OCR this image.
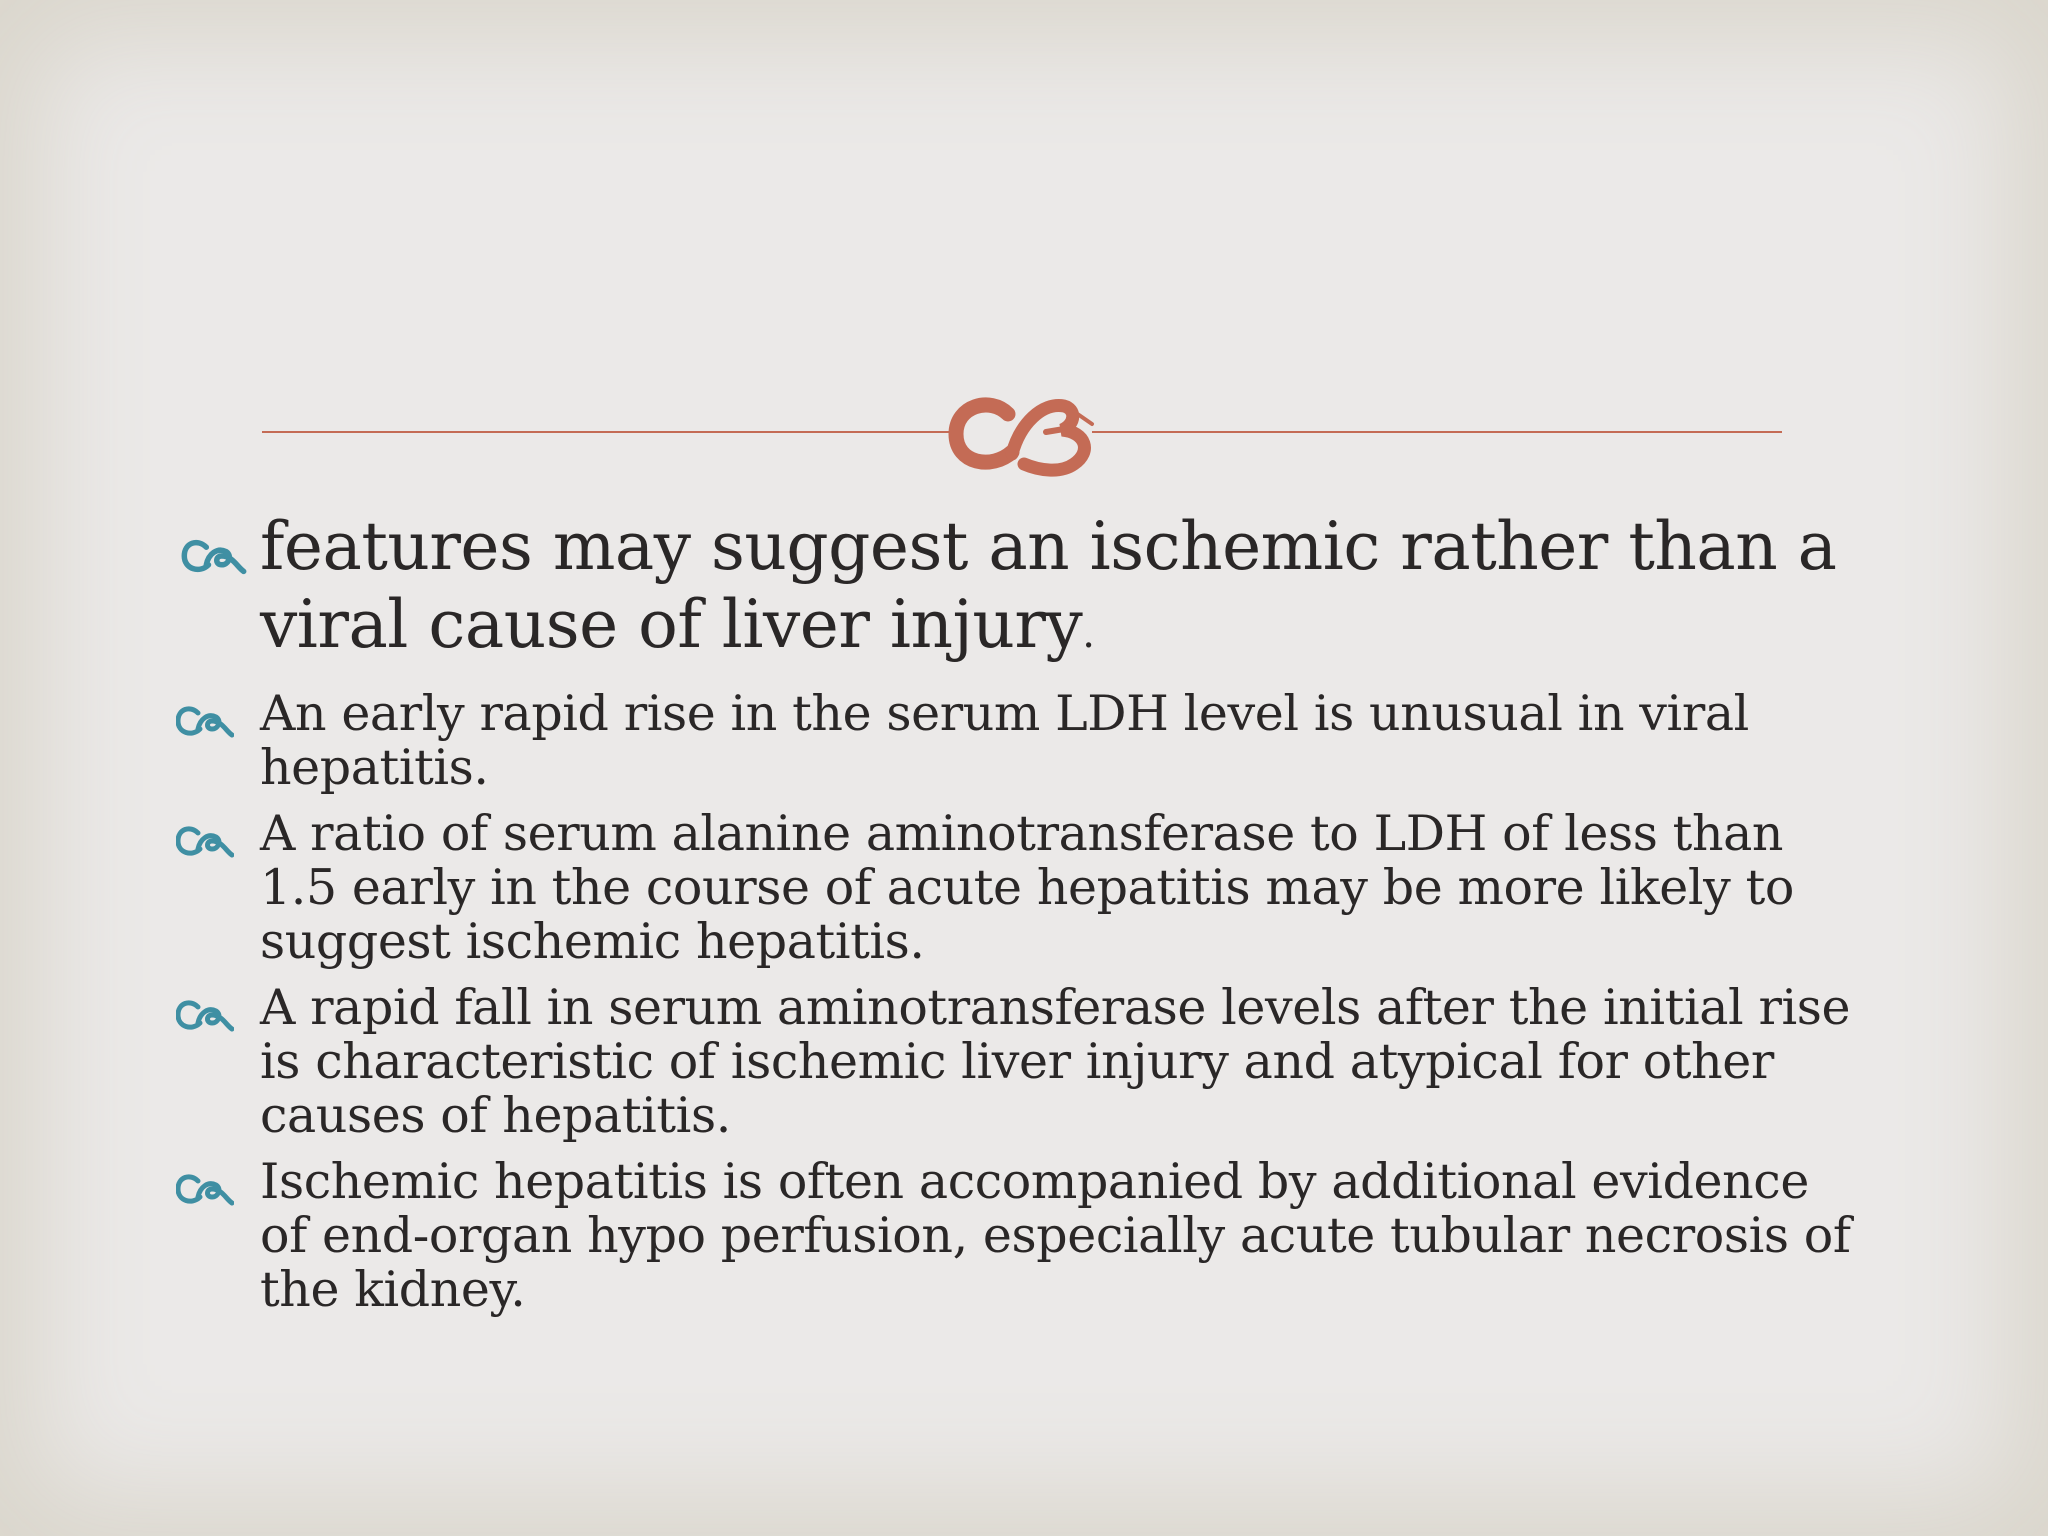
features may suggest an ischemic rather than a viral cause of liver injury.
An early rapid rise in the serum LDH level is unusual in viral hepatitis.
A ratio of serum alanine aminotransferase to LDH of less than 1.5 early in the course of acute hepatitis may be more likely to suggest ischemic hepatitis.
A rapid fall in serum aminotransferase levels after the initial rise is characteristic of ischemic liver injury and atypical for other causes of hepatitis.
Ischemic hepatitis is often accompanied by additional evidence of end-organ hypo perfusion, especially acute tubular necrosis of the kidney.
